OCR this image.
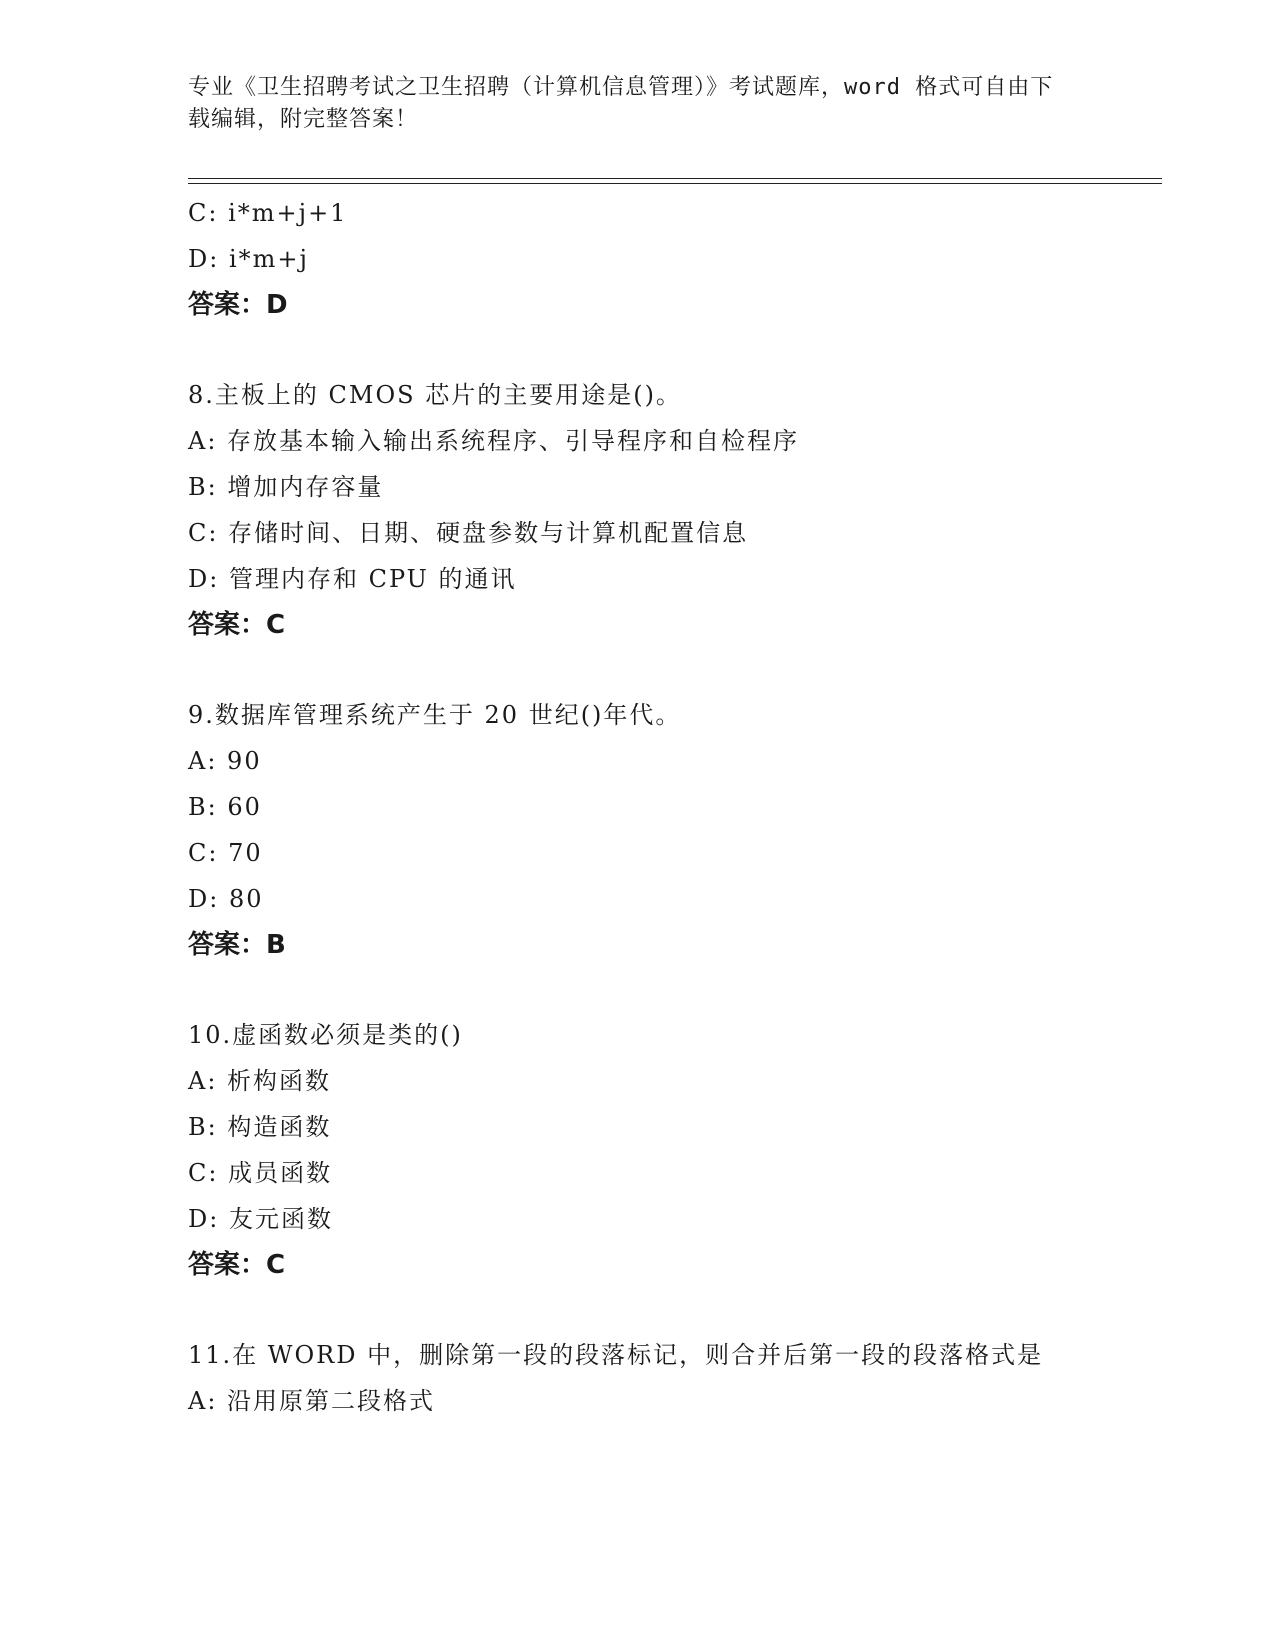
专业《卫生招聘考试之卫生招聘（计算机信息管理）》考试题库，word 格式可自由下载编辑，附完整答案！
C: i*m+j+1
D: i*m+j
答案：D
8.主板上的 CMOS 芯片的主要用途是()。
A: 存放基本输入输出系统程序、引导程序和自检程序
B: 增加内存容量
C: 存储时间、日期、硬盘参数与计算机配置信息
D: 管理内存和 CPU 的通讯
答案：C
9.数据库管理系统产生于 20 世纪()年代。
A: 90
B: 60
C: 70
D: 80
答案：B
10.虚函数必须是类的()
A: 析构函数
B: 构造函数
C: 成员函数
D: 友元函数
答案：C
11.在 WORD 中，删除第一段的段落标记，则合并后第一段的段落格式是
A: 沿用原第二段格式
